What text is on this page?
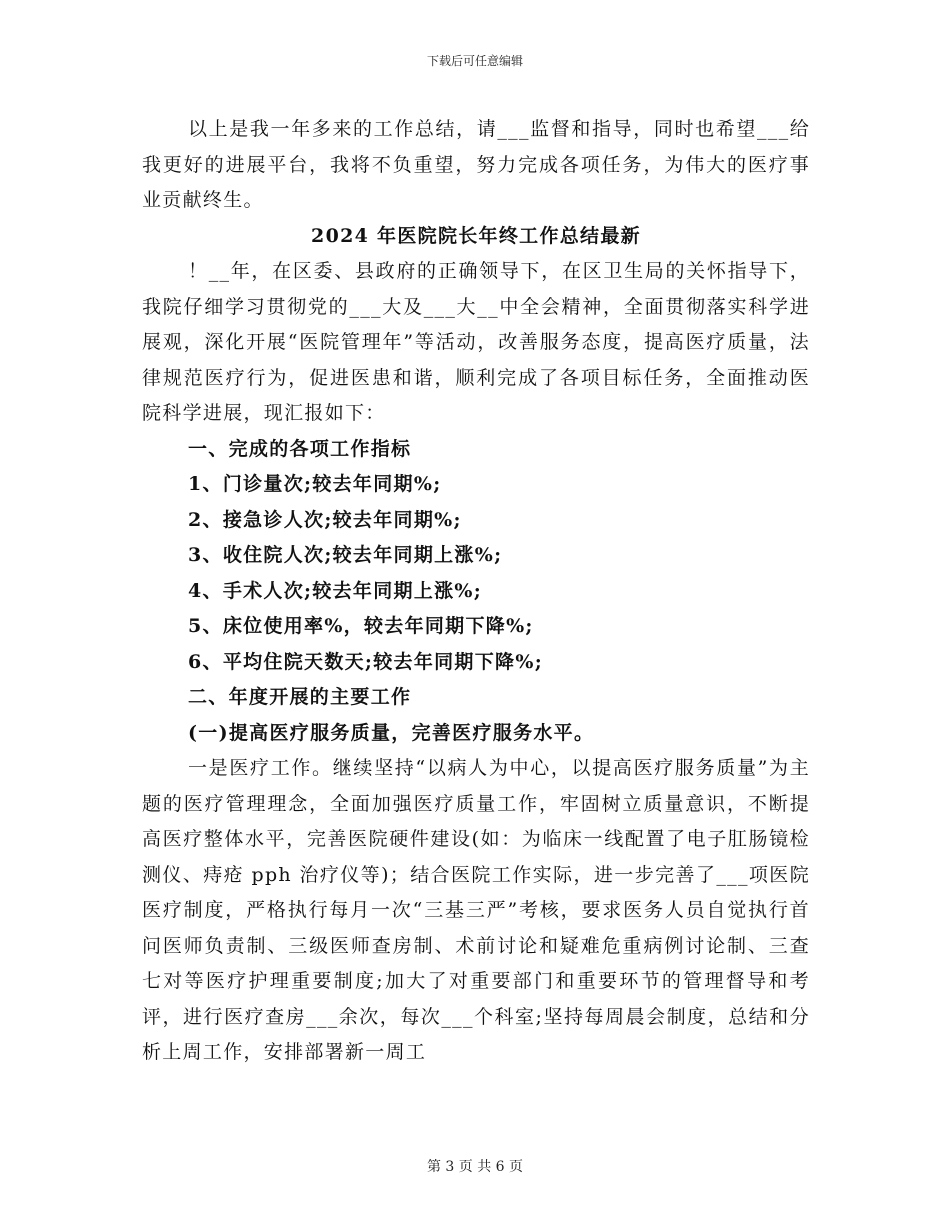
下载后可任意编辑

以上是我一年多来的工作总结，请___监督和指导，同时也希望___给我更好的进展平台，我将不负重望，努力完成各项任务，为伟大的医疗事业贡献终生。

2024 年医院院长年终工作总结最新

！__年，在区委、县政府的正确领导下，在区卫生局的关怀指导下，我院仔细学习贯彻党的___大及___大__中全会精神，全面贯彻落实科学进展观，深化开展“医院管理年”等活动，改善服务态度，提高医疗质量，法律规范医疗行为，促进医患和谐，顺利完成了各项目标任务，全面推动医院科学进展，现汇报如下：

一、完成的各项工作指标

1、门诊量次;较去年同期%;

2、接急诊人次;较去年同期%;

3、收住院人次;较去年同期上涨%;

4、手术人次;较去年同期上涨%;

5、床位使用率%，较去年同期下降%;

6、平均住院天数天;较去年同期下降%;

二、年度开展的主要工作

(一)提高医疗服务质量，完善医疗服务水平。

一是医疗工作。继续坚持“以病人为中心，以提高医疗服务质量”为主题的医疗管理理念，全面加强医疗质量工作，牢固树立质量意识，不断提高医疗整体水平，完善医院硬件建设(如：为临床一线配置了电子肛肠镜检测仪、痔疮 pph 治疗仪等)；结合医院工作实际，进一步完善了___项医院医疗制度，严格执行每月一次“三基三严”考核，要求医务人员自觉执行首问医师负责制、三级医师查房制、术前讨论和疑难危重病例讨论制、三查七对等医疗护理重要制度;加大了对重要部门和重要环节的管理督导和考评，进行医疗查房___余次，每次___个科室;坚持每周晨会制度，总结和分析上周工作，安排部署新一周工

第 3 页 共 6 页
